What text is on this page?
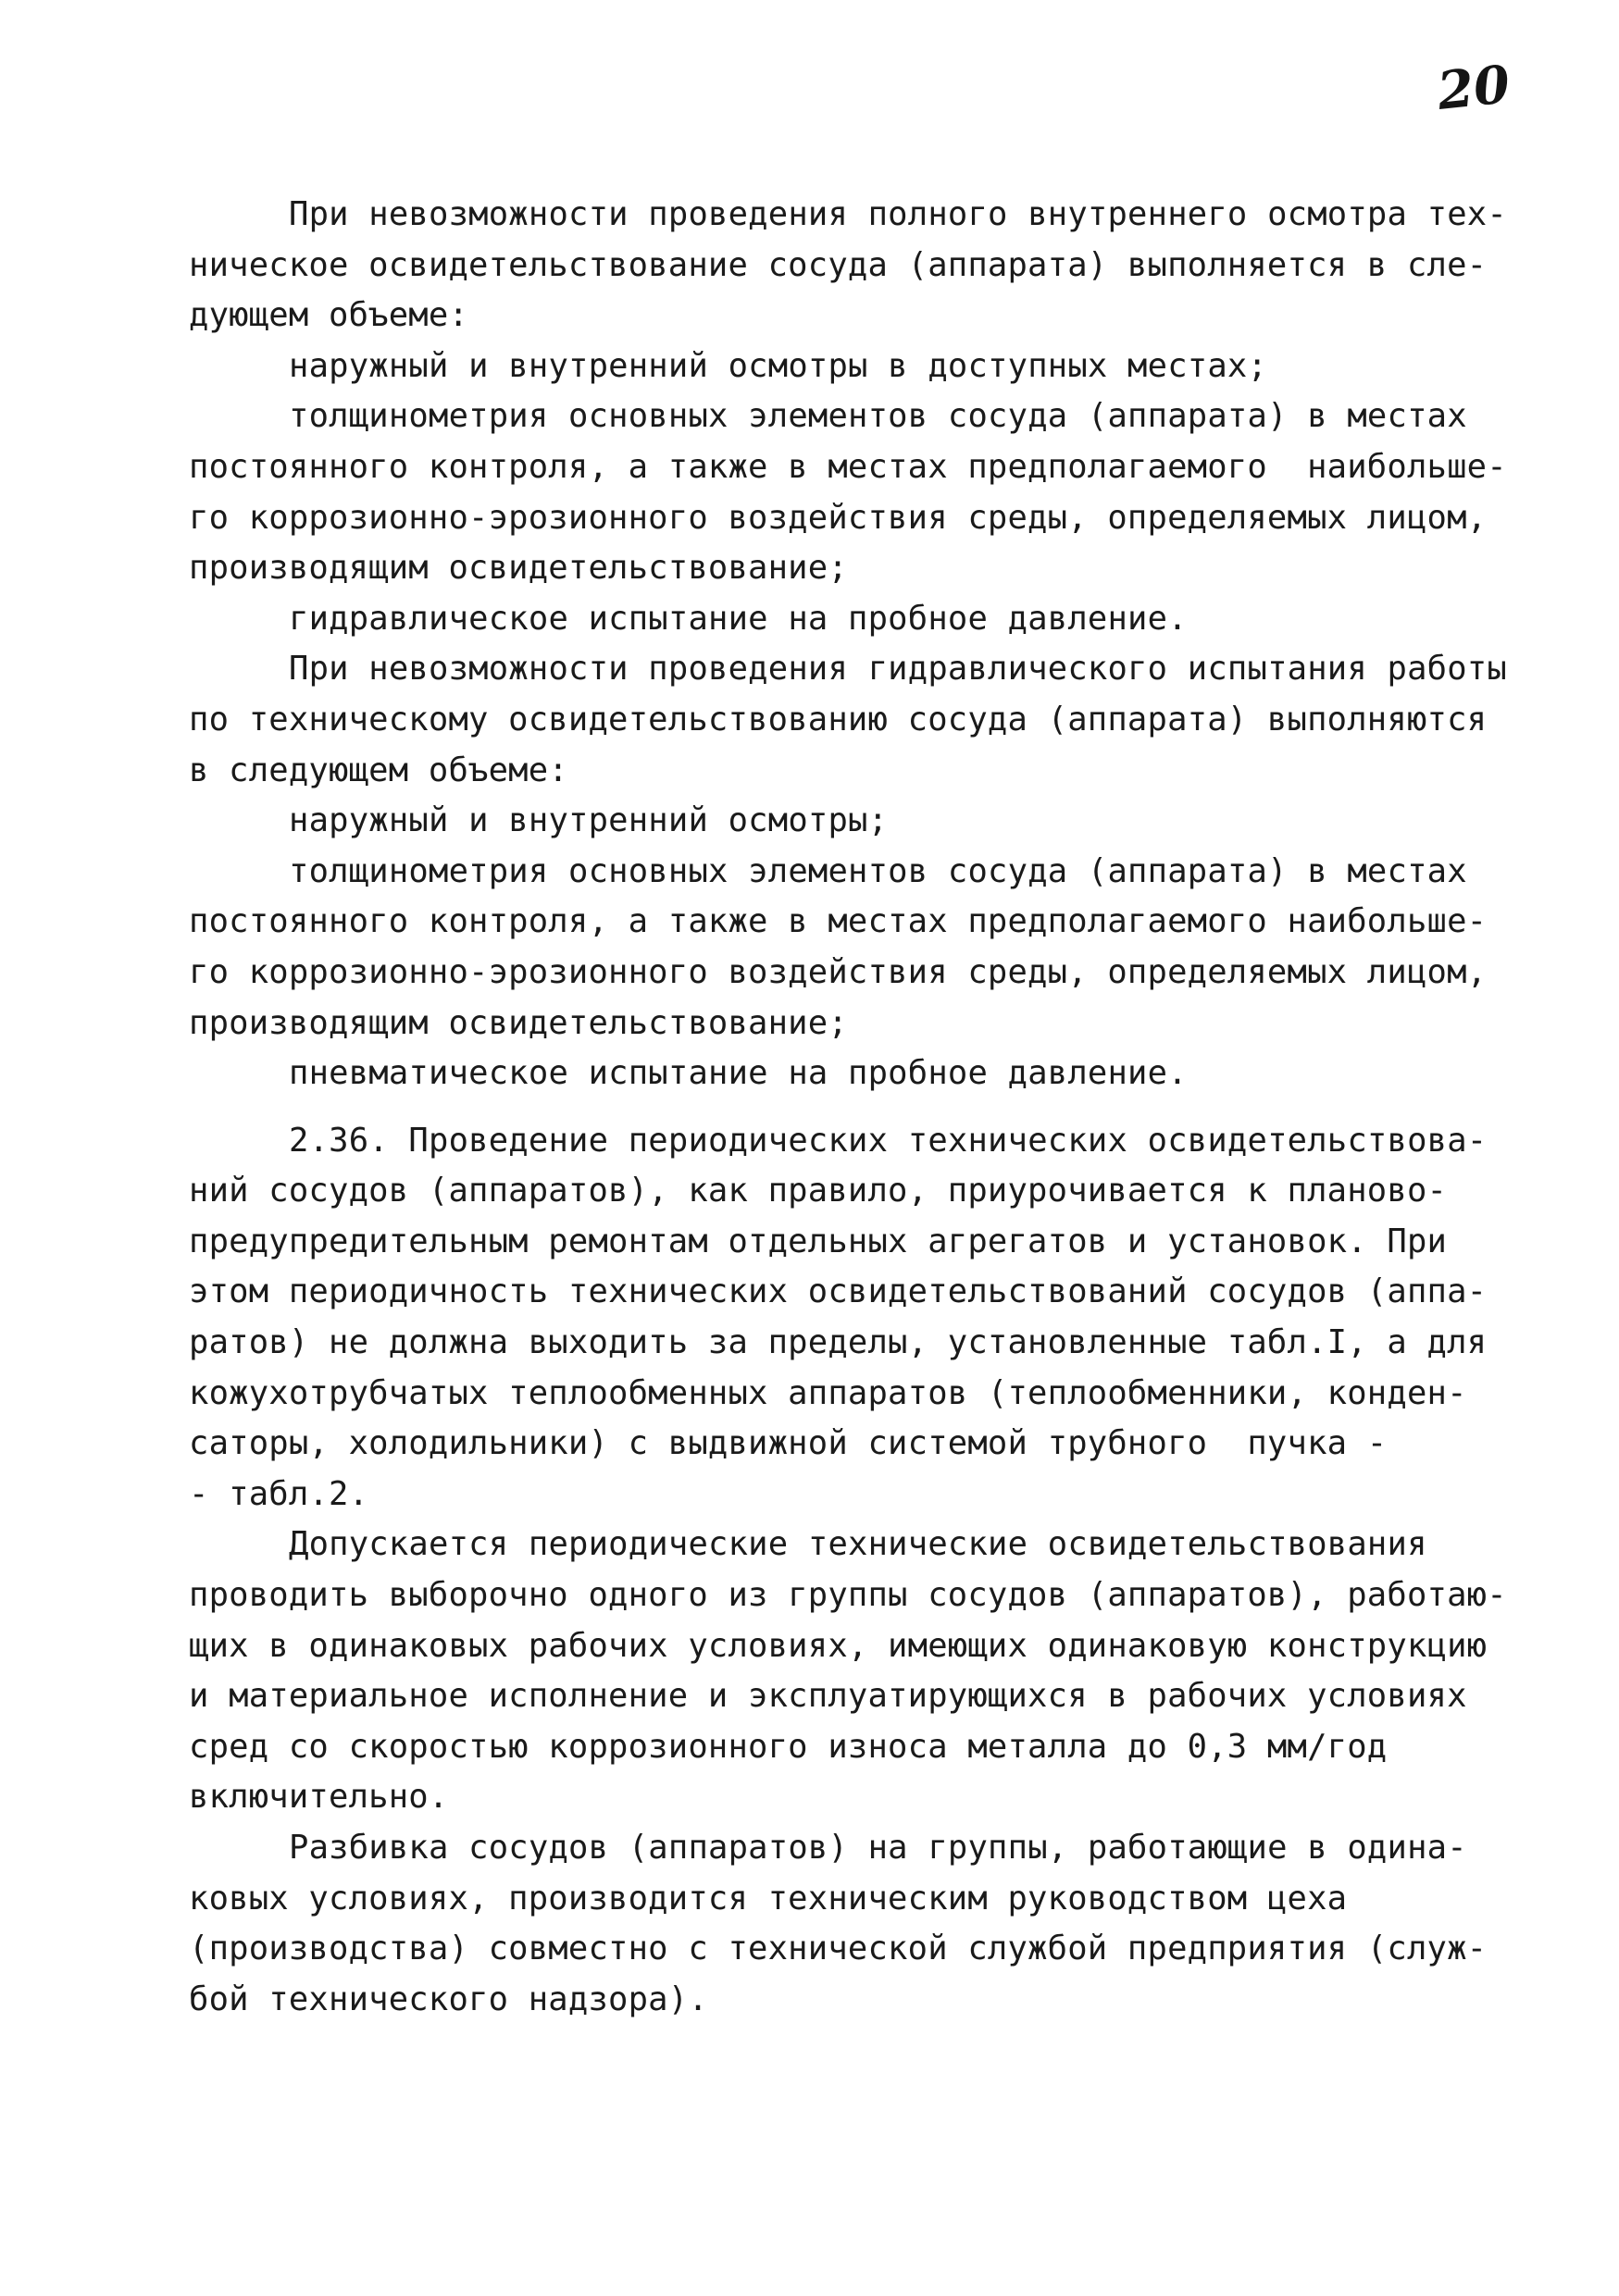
20
При невозможности проведения полного внутреннего осмотра тех-
ническое освидетельствование сосуда (аппарата) выполняется в сле-
дующем объеме:
наружный и внутренний осмотры в доступных местах;
толщинометрия основных элементов сосуда (аппарата) в местах
постоянного контроля, а также в местах предполагаемого  наибольше-
го коррозионно-эрозионного воздействия среды, определяемых лицом,
производящим освидетельствование;
гидравлическое испытание на пробное давление.
При невозможности проведения гидравлического испытания работы
по техническому освидетельствованию сосуда (аппарата) выполняются
в следующем объеме:
наружный и внутренний осмотры;
толщинометрия основных элементов сосуда (аппарата) в местах
постоянного контроля, а также в местах предполагаемого наибольше-
го коррозионно-эрозионного воздействия среды, определяемых лицом,
производящим освидетельствование;
пневматическое испытание на пробное давление.
2.36. Проведение периодических технических освидетельствова-
ний сосудов (аппаратов), как правило, приурочивается к планово-
предупредительным ремонтам отдельных агрегатов и установок. При
этом периодичность технических освидетельствований сосудов (аппа-
ратов) не должна выходить за пределы, установленные табл.I, а для
кожухотрубчатых теплообменных аппаратов (теплообменники, конден-
саторы, холодильники) с выдвижной системой трубного  пучка -
- табл.2.
Допускается периодические технические освидетельствования
проводить выборочно одного из группы сосудов (аппаратов), работаю-
щих в одинаковых рабочих условиях, имеющих одинаковую конструкцию
и материальное исполнение и эксплуатирующихся в рабочих условиях
сред со скоростью коррозионного износа металла до 0,3 мм/год
включительно.
Разбивка сосудов (аппаратов) на группы, работающие в одина-
ковых условиях, производится техническим руководством цеха
(производства) совместно с технической службой предприятия (служ-
бой технического надзора).
